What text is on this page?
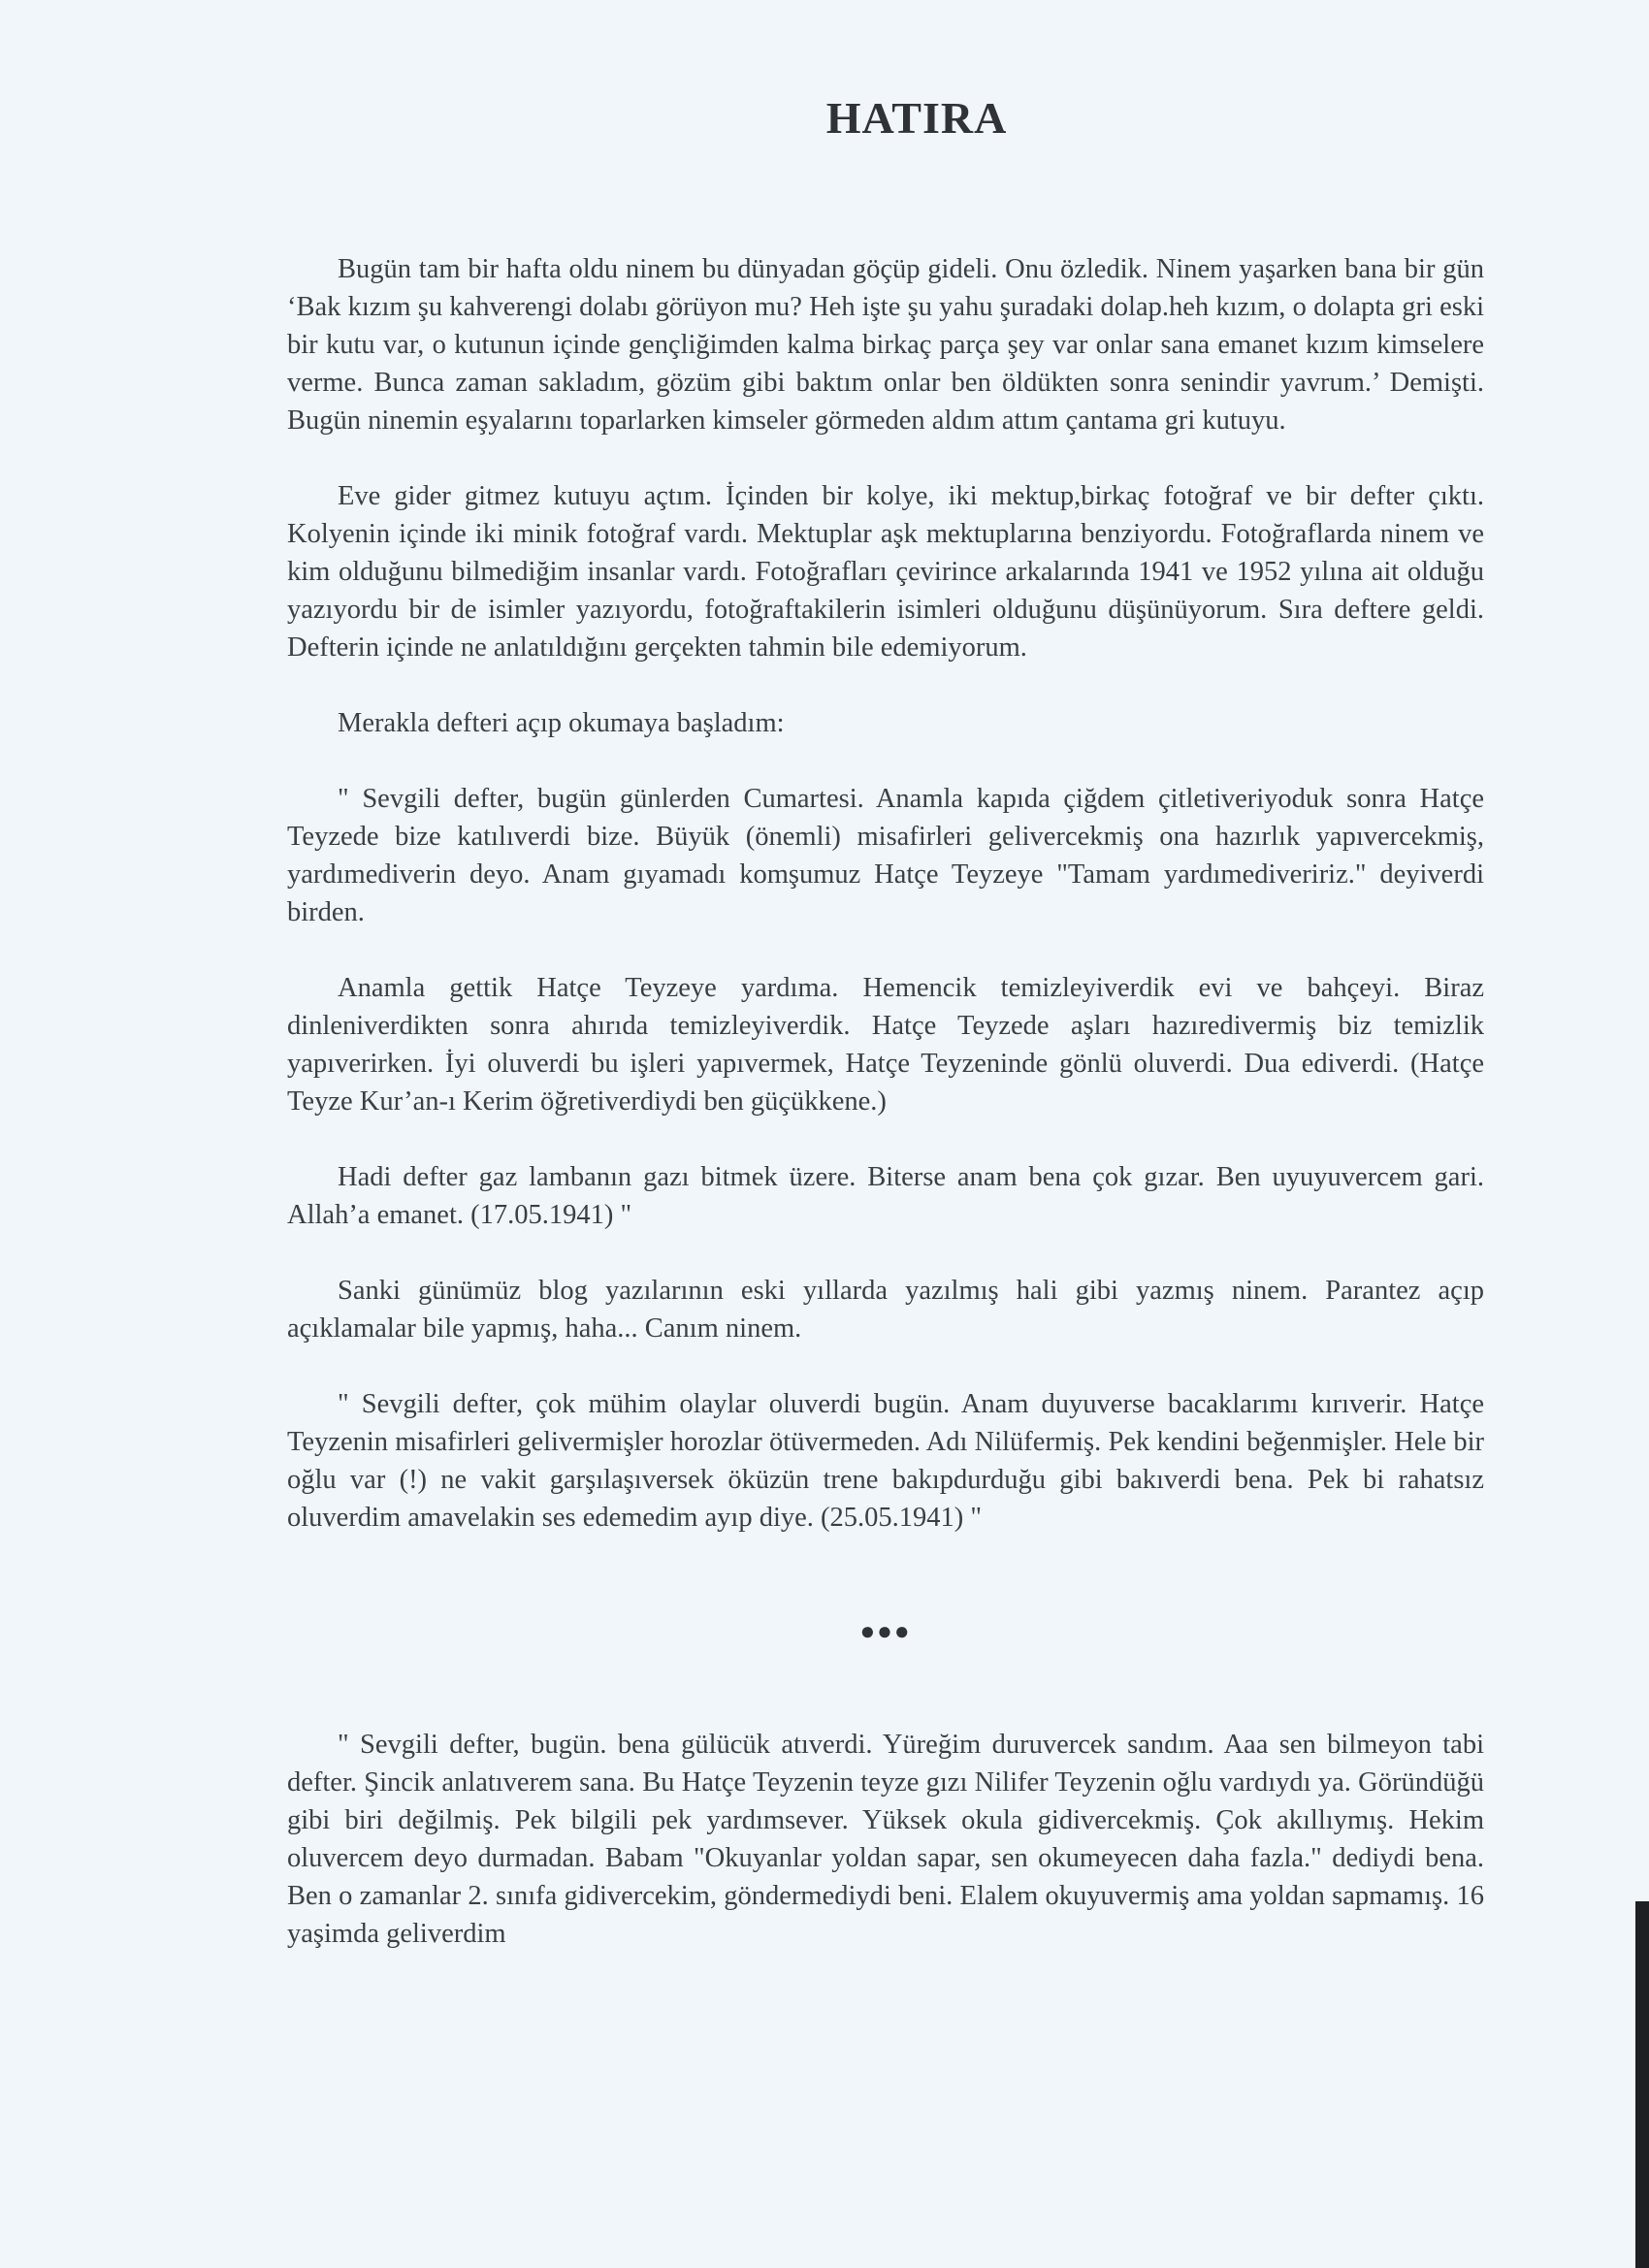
HATIRA

Bugün tam bir hafta oldu ninem bu dünyadan göçüp gideli. Onu özledik. Ninem yaşarken bana bir gün ‘Bak kızım şu kahverengi dolabı görüyon mu? Heh işte şu yahu şuradaki dolap.heh kızım, o dolapta gri eski bir kutu var, o kutunun içinde gençliğimden kalma birkaç parça şey var onlar sana emanet kızım kimselere verme. Bunca zaman sakladım, gözüm gibi baktım onlar ben öldükten sonra senindir yavrum.’ Demişti. Bugün ninemin eşyalarını toparlarken kimseler görmeden aldım attım çantama gri kutuyu.

Eve gider gitmez kutuyu açtım. İçinden bir kolye, iki mektup,birkaç fotoğraf ve bir defter çıktı. Kolyenin içinde iki minik fotoğraf vardı. Mektuplar aşk mektuplarına benziyordu. Fotoğraflarda ninem ve kim olduğunu bilmediğim insanlar vardı. Fotoğrafları çevirince arkalarında 1941 ve 1952 yılına ait olduğu yazıyordu bir de isimler yazıyordu, fotoğraftakilerin isimleri olduğunu düşünüyorum. Sıra deftere geldi. Defterin içinde ne anlatıldığını gerçekten tahmin bile edemiyorum.

Merakla defteri açıp okumaya başladım:

" Sevgili defter, bugün günlerden Cumartesi. Anamla kapıda çiğdem çitletiveriyoduk sonra Hatçe Teyzede bize katılıverdi bize. Büyük (önemli) misafirleri gelivercekmiş ona hazırlık yapıvercekmiş, yardımediverin deyo. Anam gıyamadı komşumuz Hatçe Teyzeye "Tamam yardımediveririz." deyiverdi birden.

Anamla gettik Hatçe Teyzeye yardıma. Hemencik temizleyiverdik evi ve bahçeyi. Biraz dinleniverdikten sonra ahırıda temizleyiverdik. Hatçe Teyzede aşları hazıredivermiş biz temizlik yapıverirken. İyi oluverdi bu işleri yapıvermek, Hatçe Teyzeninde gönlü oluverdi. Dua ediverdi. (Hatçe Teyze Kur’an-ı Kerim öğretiverdiydi ben güçükkene.)

Hadi defter gaz lambanın gazı bitmek üzere. Biterse anam bena çok gızar. Ben uyuyuvercem gari. Allah’a emanet. (17.05.1941) "

Sanki günümüz blog yazılarının eski yıllarda yazılmış hali gibi yazmış ninem. Parantez açıp açıklamalar bile yapmış, haha... Canım ninem.

" Sevgili defter, çok mühim olaylar oluverdi bugün. Anam duyuverse bacaklarımı kırıverir. Hatçe Teyzenin misafirleri gelivermişler horozlar ötüvermeden. Adı Nilüfermiş. Pek kendini beğenmişler. Hele bir oğlu var (!) ne vakit garşılaşıversek öküzün trene bakıpdurduğu gibi bakıverdi bena. Pek bi rahatsız oluverdim amavelakin ses edemedim ayıp diye. (25.05.1941) "

●●●

" Sevgili defter, bugün. bena gülücük atıverdi. Yüreğim duruvercek sandım. Aaa sen bilmeyon tabi defter. Şincik anlatıverem sana. Bu Hatçe Teyzenin teyze gızı Nilifer Teyzenin oğlu vardıydı ya. Göründüğü gibi biri değilmiş. Pek bilgili pek yardımsever. Yüksek okula gidivercekmiş. Çok akıllıymış. Hekim oluvercem deyo durmadan. Babam "Okuyanlar yoldan sapar, sen okumeyecen daha fazla." dediydi bena. Ben o zamanlar 2. sınıfa gidivercekim, göndermediydi beni. Elalem okuyuvermiş ama yoldan sapmamış. 16 yaşimda geliverdim
